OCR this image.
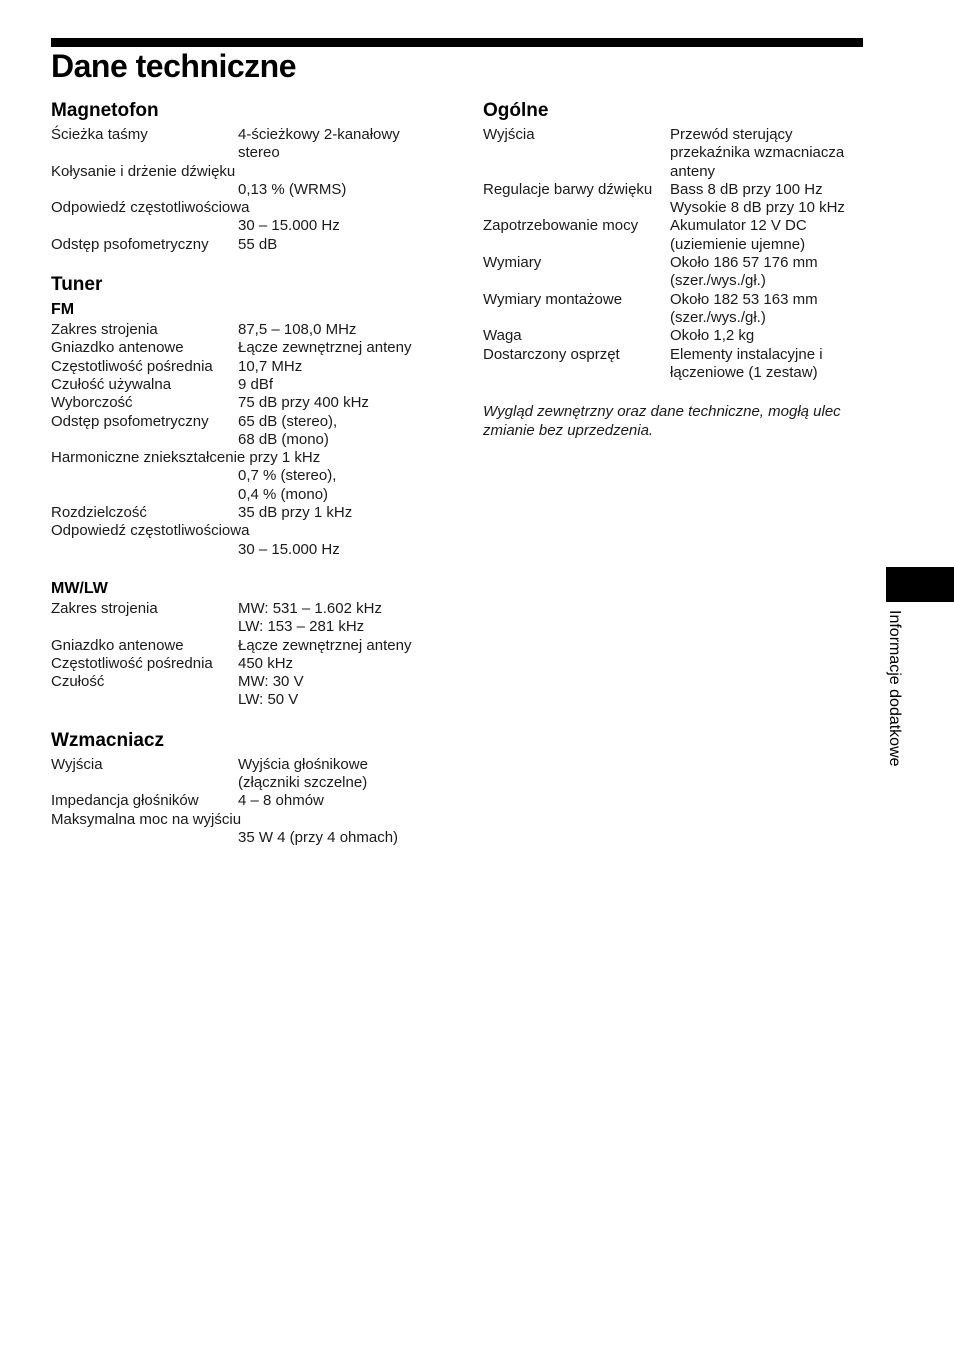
Dane techniczne
Magnetofon
Ścieżka taśmy	4-ścieżkowy 2-kanałowy
stereo
Kołysanie i drżenie dźwięku
0,13 % (WRMS)
Odpowiedź częstotliwościowa
30 – 15.000 Hz
Odstęp psofometryczny	55 dB
Tuner
FM
Zakres strojenia	87,5 – 108,0 MHz
Gniazdko antenowe	Łącze zewnętrznej anteny
Częstotliwość pośrednia	10,7 MHz
Czułość używalna	9 dBf
Wyborczość	75 dB przy 400 kHz
Odstęp psofometryczny	65 dB (stereo),
68 dB (mono)
Harmoniczne zniekształcenie przy 1 kHz
0,7 % (stereo),
0,4 % (mono)
Rozdzielczość	35 dB przy 1 kHz
Odpowiedź częstotliwościowa
30 – 15.000 Hz
MW/LW
Zakres strojenia	MW: 531 – 1.602 kHz
LW: 153 – 281 kHz
Gniazdko antenowe	Łącze zewnętrznej anteny
Częstotliwość pośrednia	450 kHz
Czułość	MW: 30 V
LW: 50 V
Wzmacniacz
Wyjścia	Wyjścia głośnikowe
(złączniki szczelne)
Impedancja głośników	4 – 8 ohmów
Maksymalna moc na wyjściu
35 W 4 (przy 4 ohmach)
Ogólne
Wyjścia	Przewód sterujący
przekaźnika wzmacniacza
anteny
Regulacje barwy dźwięku	Bass 8 dB przy 100 Hz
Wysokie 8 dB przy 10 kHz
Zapotrzebowanie mocy	Akumulator 12 V DC
(uziemienie ujemne)
Wymiary	Około 186 57 176 mm
(szer./wys./gł.)
Wymiary montażowe	Około 182 53 163 mm
(szer./wys./gł.)
Waga	Około 1,2 kg
Dostarczony osprzęt	Elementy instalacyjne i
łączeniowe (1 zestaw)
Wygląd zewnętrzny oraz dane techniczne, mogłą ulec zmianie bez uprzedzenia.
Informacje dodatkowe
